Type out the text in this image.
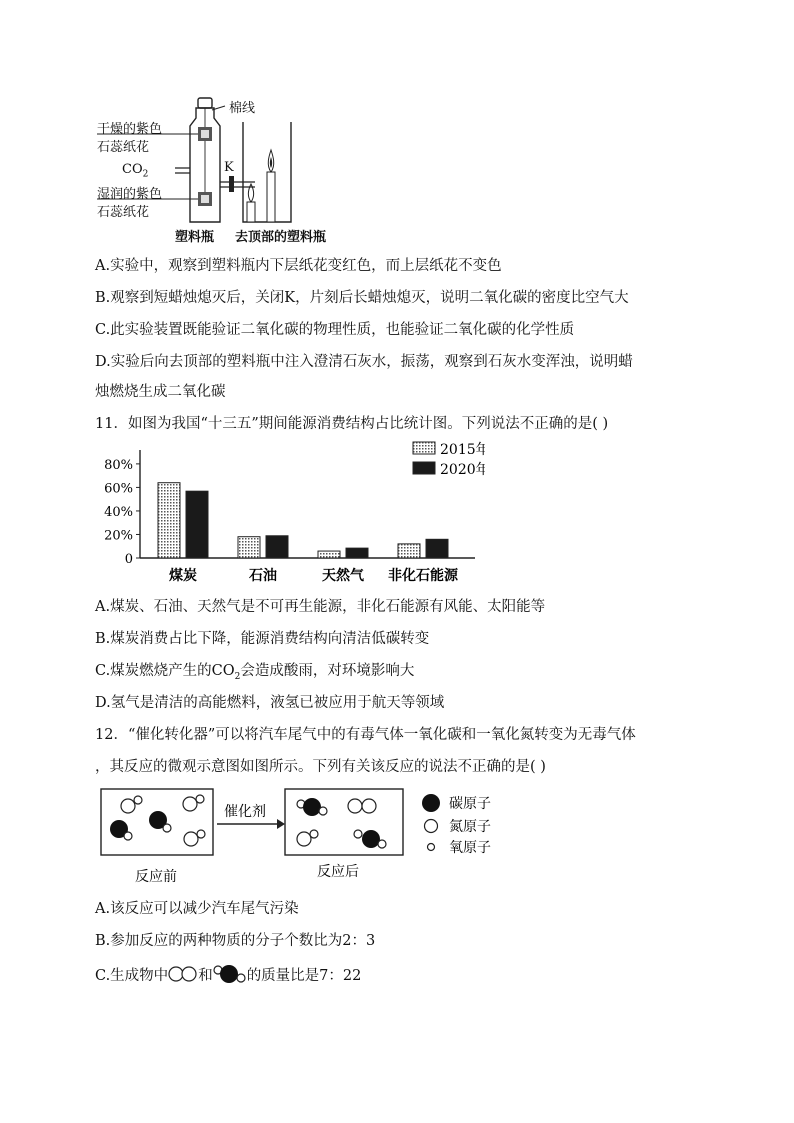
棉线
干燥的紫色
石蕊纸花
$CO_2$
湿润的紫色
石蕊纸花
K
塑料瓶 去顶部的塑料瓶
A.实验中，观察到塑料瓶内下层纸花变红色，而上层纸花不变色
B.观察到短蜡烛熄灭后，关闭K，片刻后长蜡烛熄灭，说明二氧化碳的密度比空气大
C.此实验装置既能验证二氧化碳的物理性质，也能验证二氧化碳的化学性质
D.实验后向去顶部的塑料瓶中注入澄清石灰水，振荡，观察到石灰水变浑浊，说明蜡
烛燃烧生成二氧化碳
11．如图为我国“十三五”期间能源消费结构占比统计图。下列说法不正确的是( )
0
20%
40%
60%
80%
煤炭	石油	天然气 非化石能源
2015年
2020年
A.煤炭、石油、天然气是不可再生能源，非化石能源有风能、太阳能等
B.煤炭消费占比下降，能源消费结构向清洁低碳转变
C.煤炭燃烧产生的$CO_2$会造成酸雨，对环境影响大
D.氢气是清洁的高能燃料，液氢已被应用于航天等领域
12．“催化转化器”可以将汽车尾气中的有毒气体一氧化碳和一氧化氮转变为无毒气体
，其反应的微观示意图如图所示。下列有关该反应的说法不正确的是( )
催化剂	碳原子
氮原子
氧原子
反应前	反应后
A.该反应可以减少汽车尾气污染
B.参加反应的两种物质的分子个数比为2：3
C.生成物中 和 的质量比是7：22
